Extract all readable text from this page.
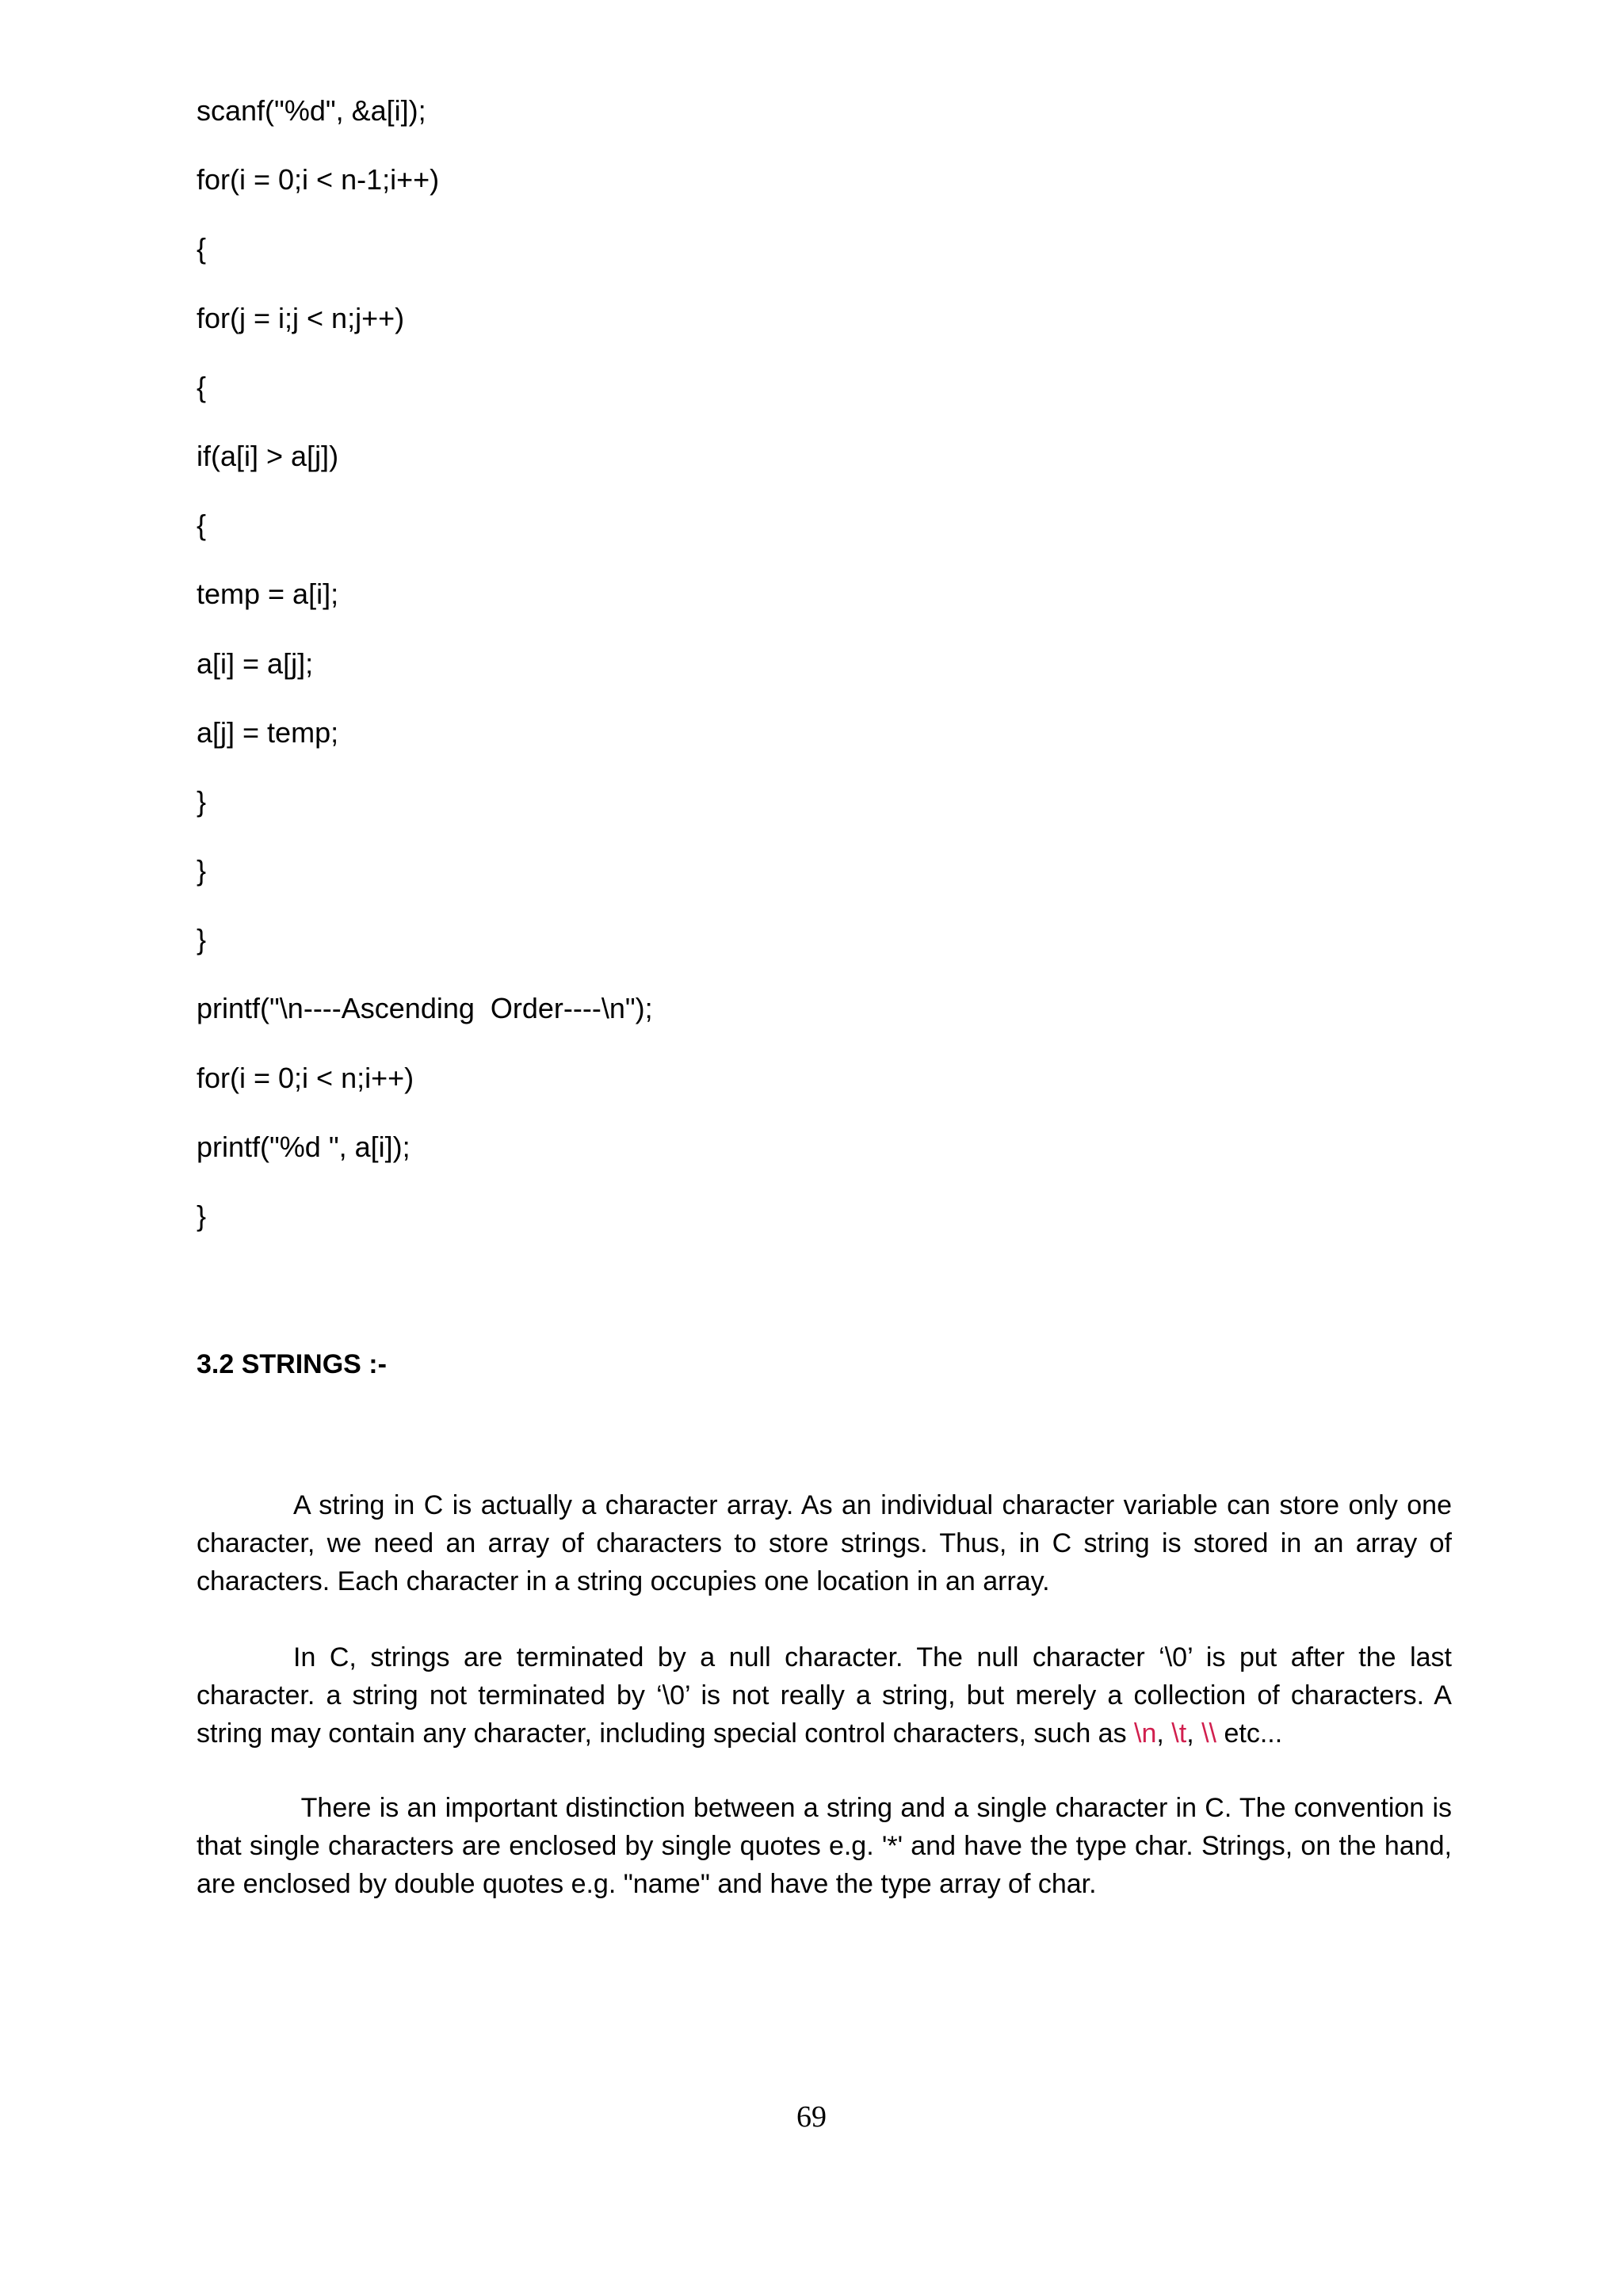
scanf("%d", &a[i]);
for(i = 0;i < n-1;i++)
{
for(j = i;j < n;j++)
{
if(a[i] > a[j])
{
temp = a[i];
a[i] = a[j];
a[j] = temp;
}
}
}
printf("\n----Ascending  Order----\n");
for(i = 0;i < n;i++)
printf("%d ", a[i]);
}
3.2 STRINGS :-

A string in C is actually a character array. As an individual character variable can store only one character, we need an array of characters to store strings. Thus, in C string is stored in an array of characters. Each character in a string occupies one location in an array.

In C, strings are terminated by a null character. The null character ‘\0’ is put after the last character. a string not terminated by ‘\0’ is not really a string, but merely a collection of characters. A string may contain any character, including special control characters, such as \n, \t, \\ etc...

There is an important distinction between a string and a single character in C. The convention is that single characters are enclosed by single quotes e.g. '*' and have the type char. Strings, on the hand, are enclosed by double quotes e.g. "name" and have the type array of char.

69
